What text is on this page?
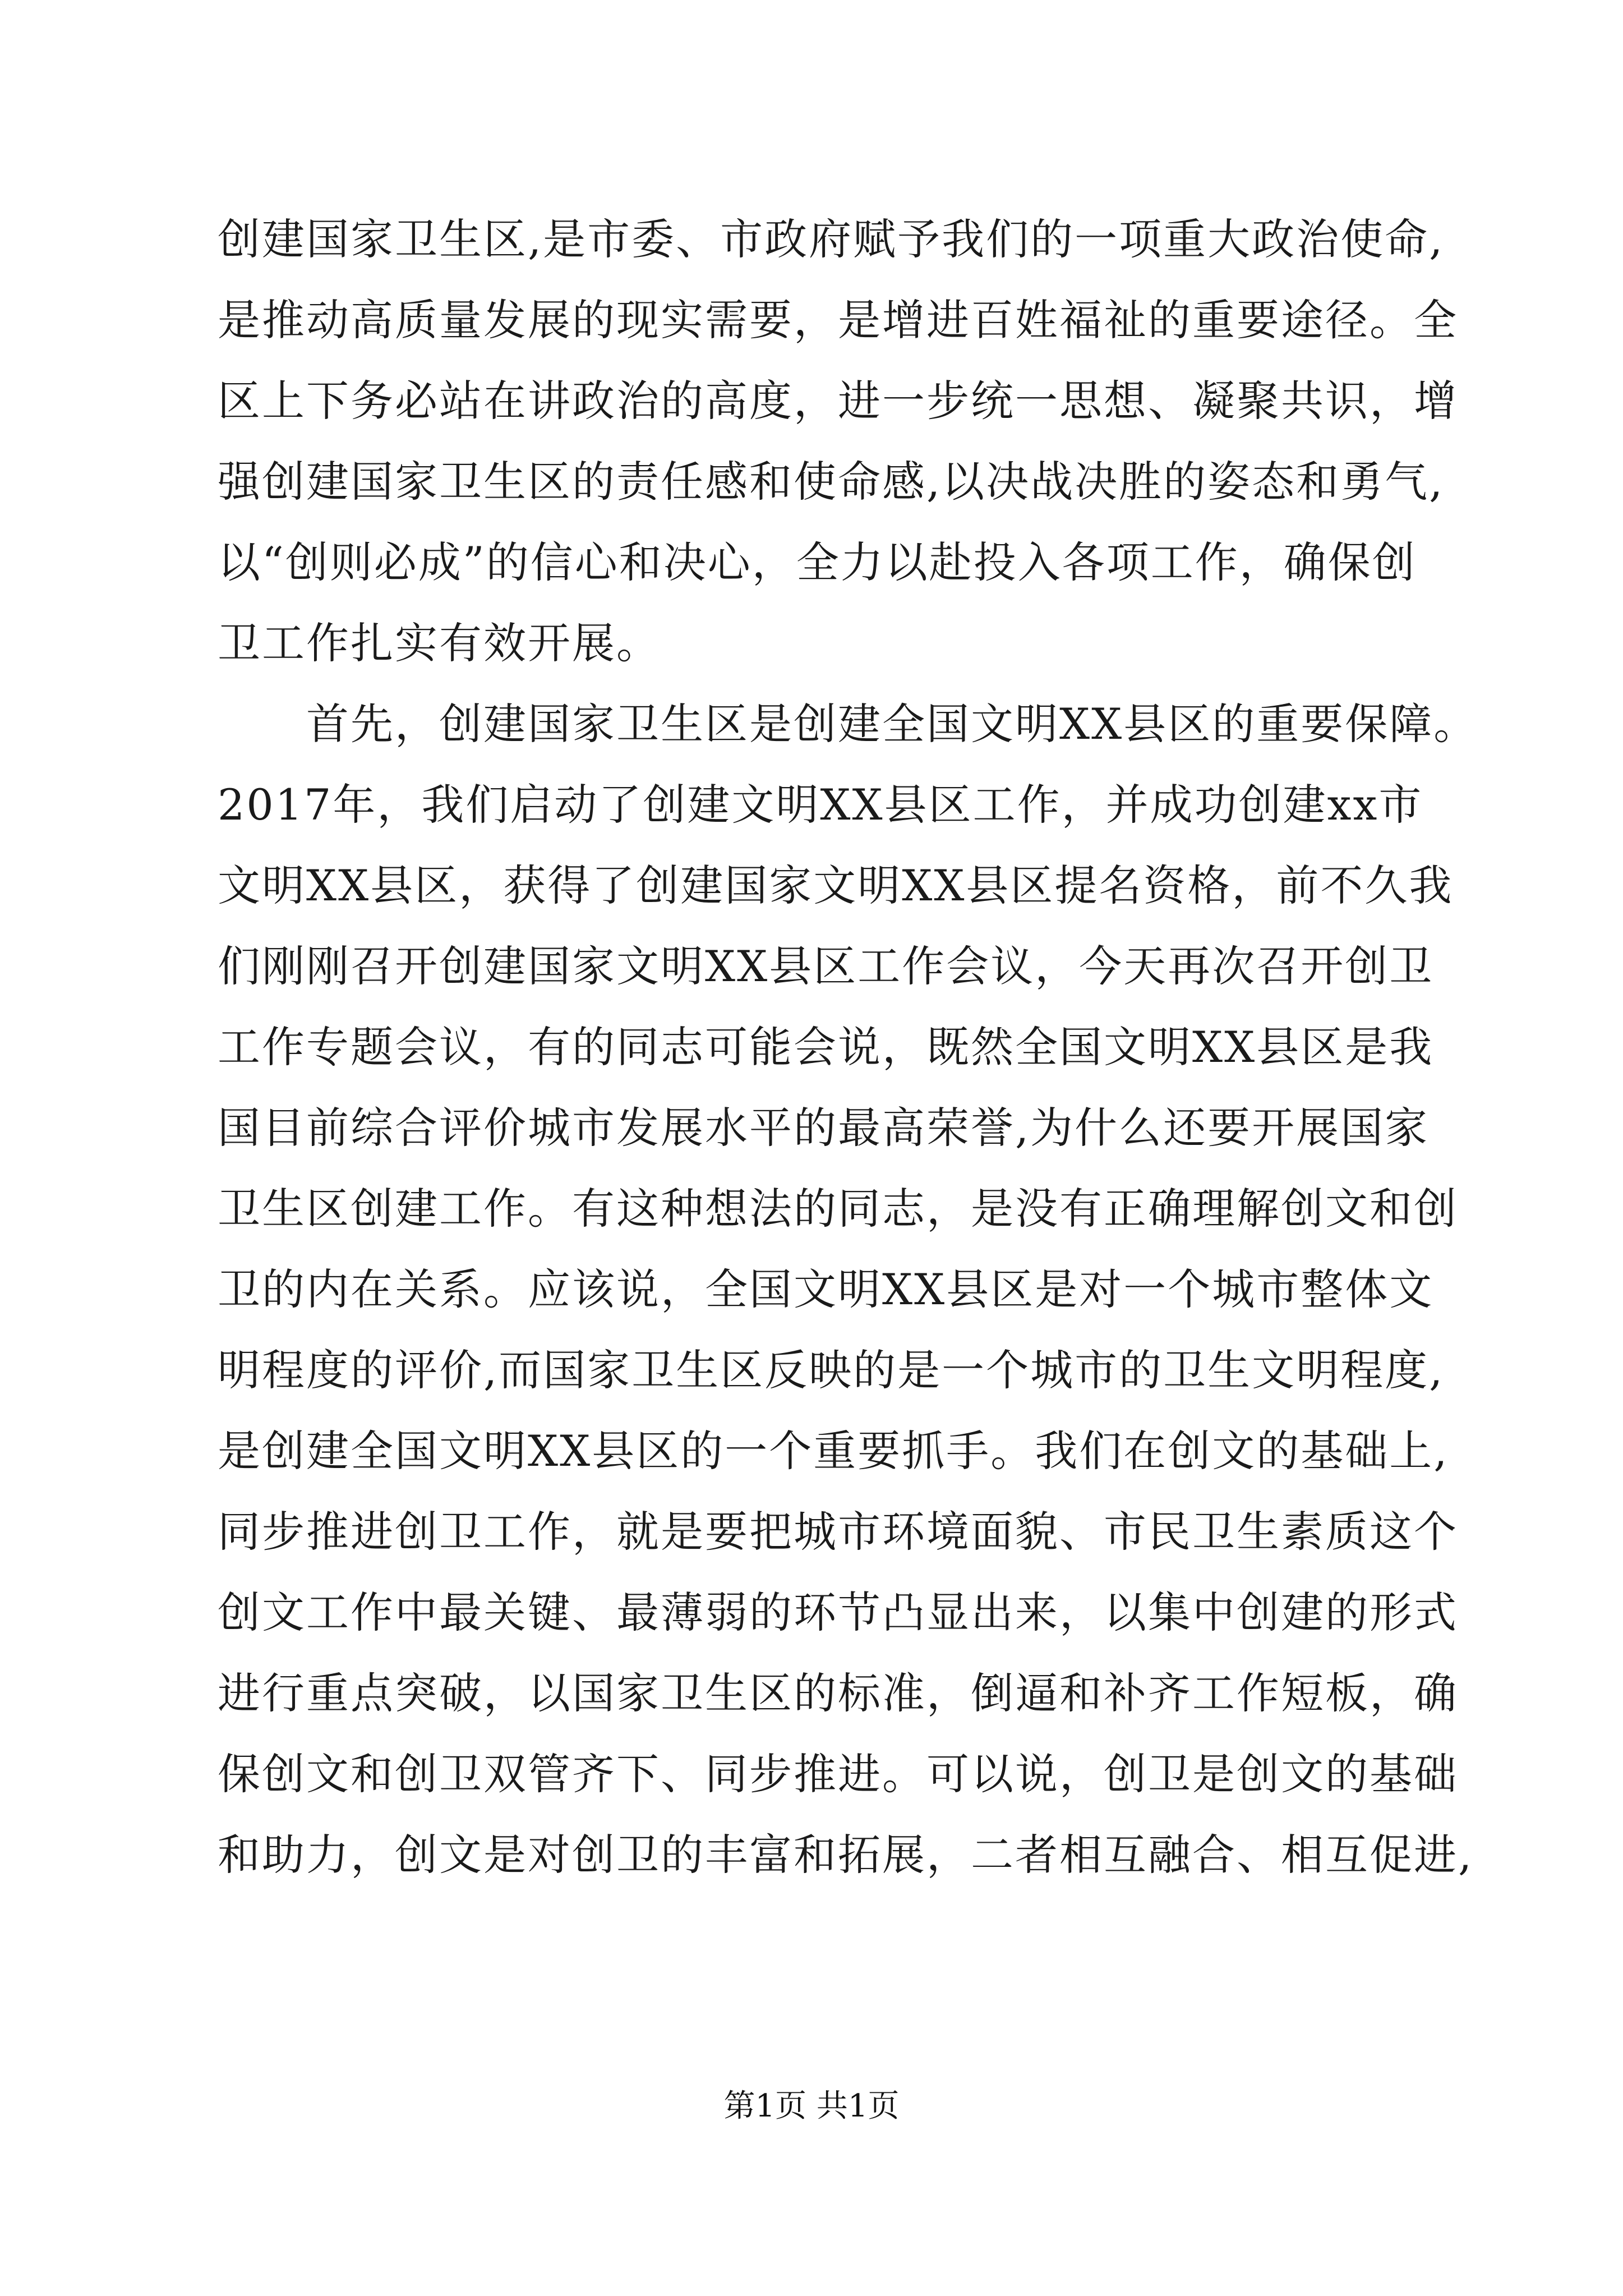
创建国家卫生区,是市委、市政府赋予我们的一项重大政治使命,
是推动高质量发展的现实需要，是增进百姓福祉的重要途径。全
区上下务必站在讲政治的高度，进一步统一思想、凝聚共识，增
强创建国家卫生区的责任感和使命感,以决战决胜的姿态和勇气,
以“创则必成”的信心和决心，全力以赴投入各项工作，确保创
卫工作扎实有效开展。
　　首先，创建国家卫生区是创建全国文明XX县区的重要保障。
2017年，我们启动了创建文明XX县区工作，并成功创建xx市
文明XX县区，获得了创建国家文明XX县区提名资格，前不久我
们刚刚召开创建国家文明XX县区工作会议，今天再次召开创卫
工作专题会议，有的同志可能会说，既然全国文明XX县区是我
国目前综合评价城市发展水平的最高荣誉,为什么还要开展国家
卫生区创建工作。有这种想法的同志，是没有正确理解创文和创
卫的内在关系。应该说，全国文明XX县区是对一个城市整体文
明程度的评价,而国家卫生区反映的是一个城市的卫生文明程度,
是创建全国文明XX县区的一个重要抓手。我们在创文的基础上,
同步推进创卫工作，就是要把城市环境面貌、市民卫生素质这个
创文工作中最关键、最薄弱的环节凸显出来，以集中创建的形式
进行重点突破，以国家卫生区的标准，倒逼和补齐工作短板，确
保创文和创卫双管齐下、同步推进。可以说，创卫是创文的基础
和助力，创文是对创卫的丰富和拓展，二者相互融合、相互促进,
第1页 共1页
